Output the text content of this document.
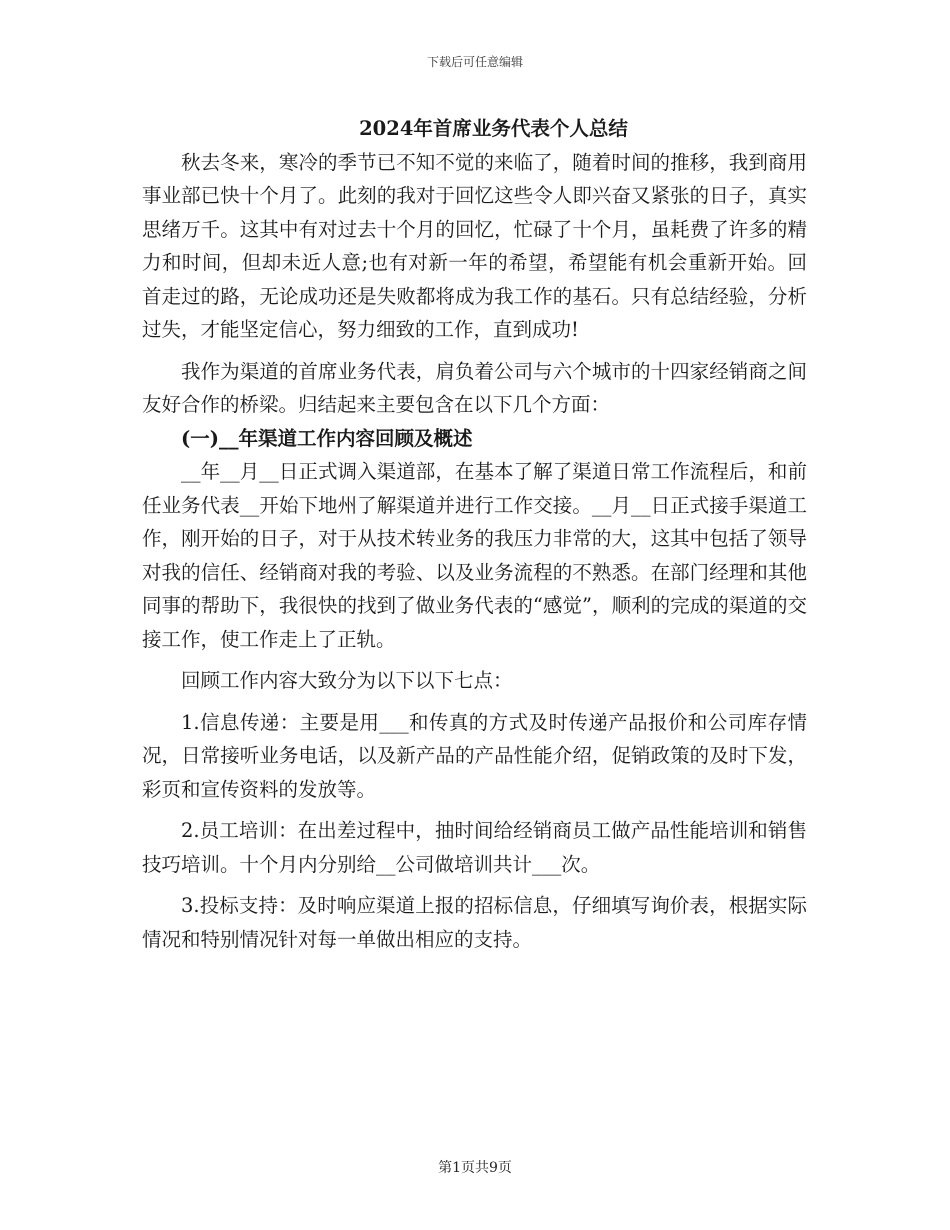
下载后可任意编辑
2024年首席业务代表个人总结

秋去冬来，寒冷的季节已不知不觉的来临了，随着时间的推移，我到商用事业部已快十个月了。此刻的我对于回忆这些令人即兴奋又紧张的日子，真实思绪万千。这其中有对过去十个月的回忆，忙碌了十个月，虽耗费了许多的精力和时间，但却未近人意;也有对新一年的希望，希望能有机会重新开始。回首走过的路，无论成功还是失败都将成为我工作的基石。只有总结经验，分析过失，才能坚定信心，努力细致的工作，直到成功!

我作为渠道的首席业务代表，肩负着公司与六个城市的十四家经销商之间友好合作的桥梁。归结起来主要包含在以下几个方面：

(一)__年渠道工作内容回顾及概述

__年__月__日正式调入渠道部，在基本了解了渠道日常工作流程后，和前任业务代表__开始下地州了解渠道并进行工作交接。__月__日正式接手渠道工作，刚开始的日子，对于从技术转业务的我压力非常的大，这其中包括了领导对我的信任、经销商对我的考验、以及业务流程的不熟悉。在部门经理和其他同事的帮助下，我很快的找到了做业务代表的“感觉”，顺利的完成的渠道的交接工作，使工作走上了正轨。

回顾工作内容大致分为以下以下七点：

1.信息传递：主要是用___和传真的方式及时传递产品报价和公司库存情况，日常接听业务电话，以及新产品的产品性能介绍，促销政策的及时下发，彩页和宣传资料的发放等。

2.员工培训：在出差过程中，抽时间给经销商员工做产品性能培训和销售技巧培训。十个月内分别给__公司做培训共计___次。

3.投标支持：及时响应渠道上报的招标信息，仔细填写询价表，根据实际情况和特别情况针对每一单做出相应的支持。

第1页共9页
